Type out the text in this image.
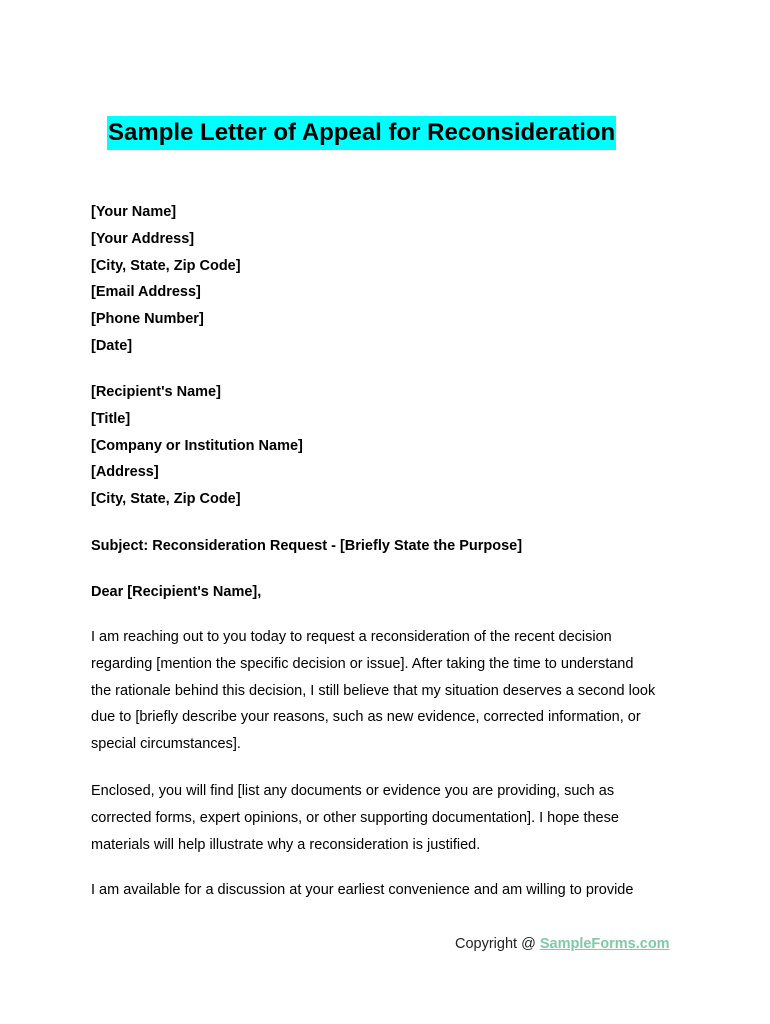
Sample Letter of Appeal for Reconsideration
[Your Name]
[Your Address]
[City, State, Zip Code]
[Email Address]
[Phone Number]
[Date]
[Recipient's Name]
[Title]
[Company or Institution Name]
[Address]
[City, State, Zip Code]
Subject: Reconsideration Request - [Briefly State the Purpose]
Dear [Recipient's Name],
I am reaching out to you today to request a reconsideration of the recent decision
regarding [mention the specific decision or issue]. After taking the time to understand
the rationale behind this decision, I still believe that my situation deserves a second look
due to [briefly describe your reasons, such as new evidence, corrected information, or
special circumstances].
Enclosed, you will find [list any documents or evidence you are providing, such as
corrected forms, expert opinions, or other supporting documentation]. I hope these
materials will help illustrate why a reconsideration is justified.
I am available for a discussion at your earliest convenience and am willing to provide
Copyright @ SampleForms.com
